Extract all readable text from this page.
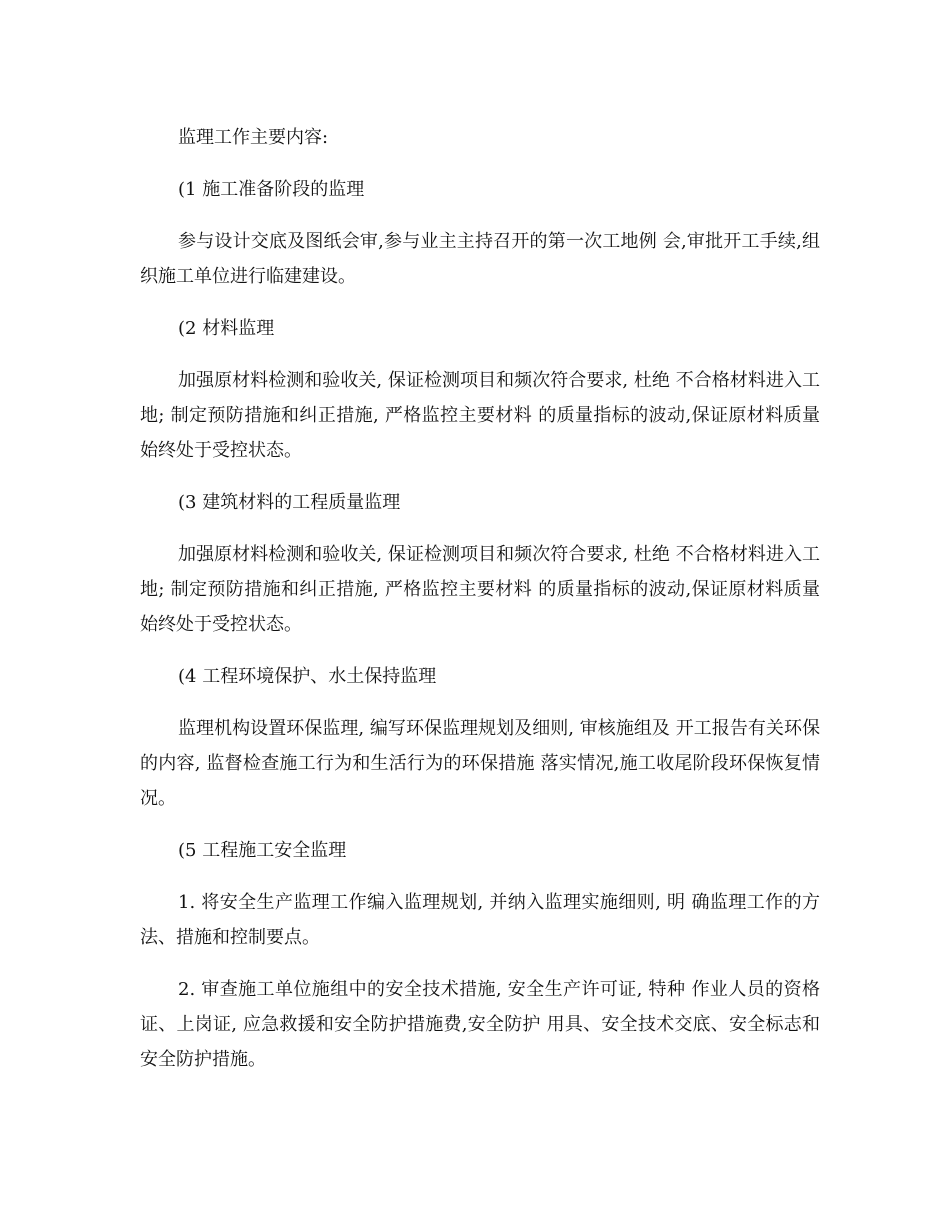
监理工作主要内容:

(1 施工准备阶段的监理

参与设计交底及图纸会审,参与业主主持召开的第一次工地例 会,审批开工手续,组织施工单位进行临建建设。

(2 材料监理

加强原材料检测和验收关, 保证检测项目和频次符合要求, 杜绝 不合格材料进入工地; 制定预防措施和纠正措施, 严格监控主要材料 的质量指标的波动,保证原材料质量始终处于受控状态。

(3 建筑材料的工程质量监理

加强原材料检测和验收关, 保证检测项目和频次符合要求, 杜绝 不合格材料进入工地; 制定预防措施和纠正措施, 严格监控主要材料 的质量指标的波动,保证原材料质量始终处于受控状态。

(4 工程环境保护、水土保持监理

监理机构设置环保监理, 编写环保监理规划及细则, 审核施组及 开工报告有关环保的内容, 监督检查施工行为和生活行为的环保措施 落实情况,施工收尾阶段环保恢复情况。

(5 工程施工安全监理

1. 将安全生产监理工作编入监理规划, 并纳入监理实施细则, 明 确监理工作的方法、措施和控制要点。

2. 审查施工单位施组中的安全技术措施, 安全生产许可证, 特种 作业人员的资格证、上岗证, 应急救援和安全防护措施费,安全防护 用具、安全技术交底、安全标志和安全防护措施。
